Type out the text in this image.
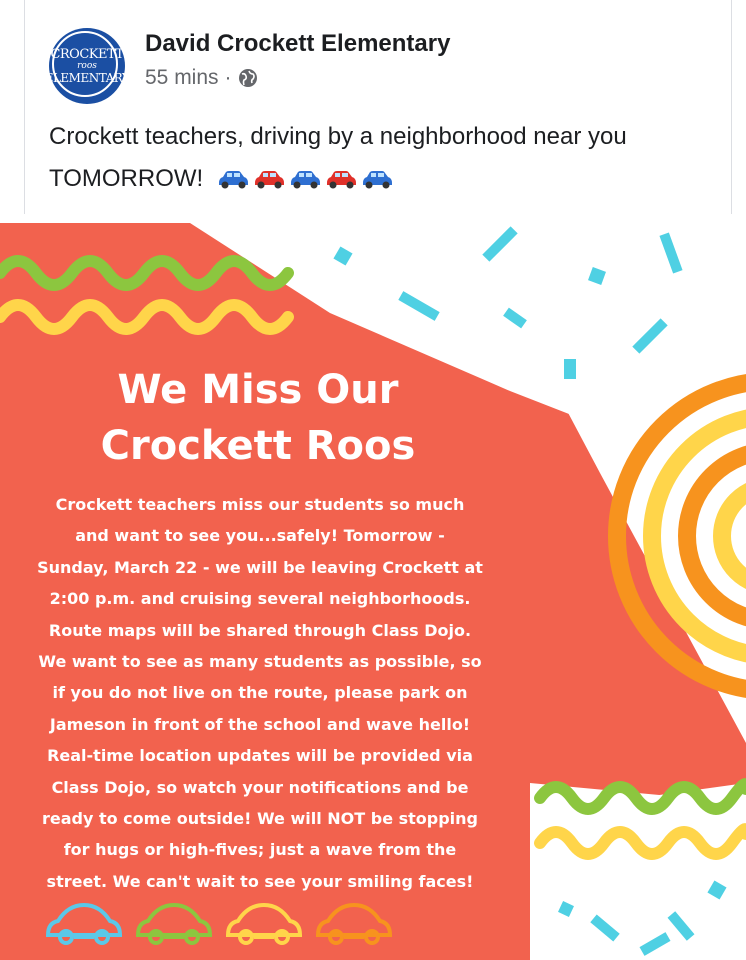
CROCKETT
roos
ELEMENTARY
David Crockett Elementary
55 mins ·
Crockett teachers, driving by a neighborhood near you TOMORROW!
We Miss Our
Crockett Roos
Crockett teachers miss our students so much
and want to see you...safely! Tomorrow -
Sunday, March 22 - we will be leaving Crockett at
2:00 p.m. and cruising several neighborhoods.
Route maps will be shared through Class Dojo.
We want to see as many students as possible, so
if you do not live on the route, please park on
Jameson in front of the school and wave hello!
Real-time location updates will be provided via
Class Dojo, so watch your notifications and be
ready to come outside! We will NOT be stopping
for hugs or high-fives; just a wave from the
street. We can't wait to see your smiling faces!
